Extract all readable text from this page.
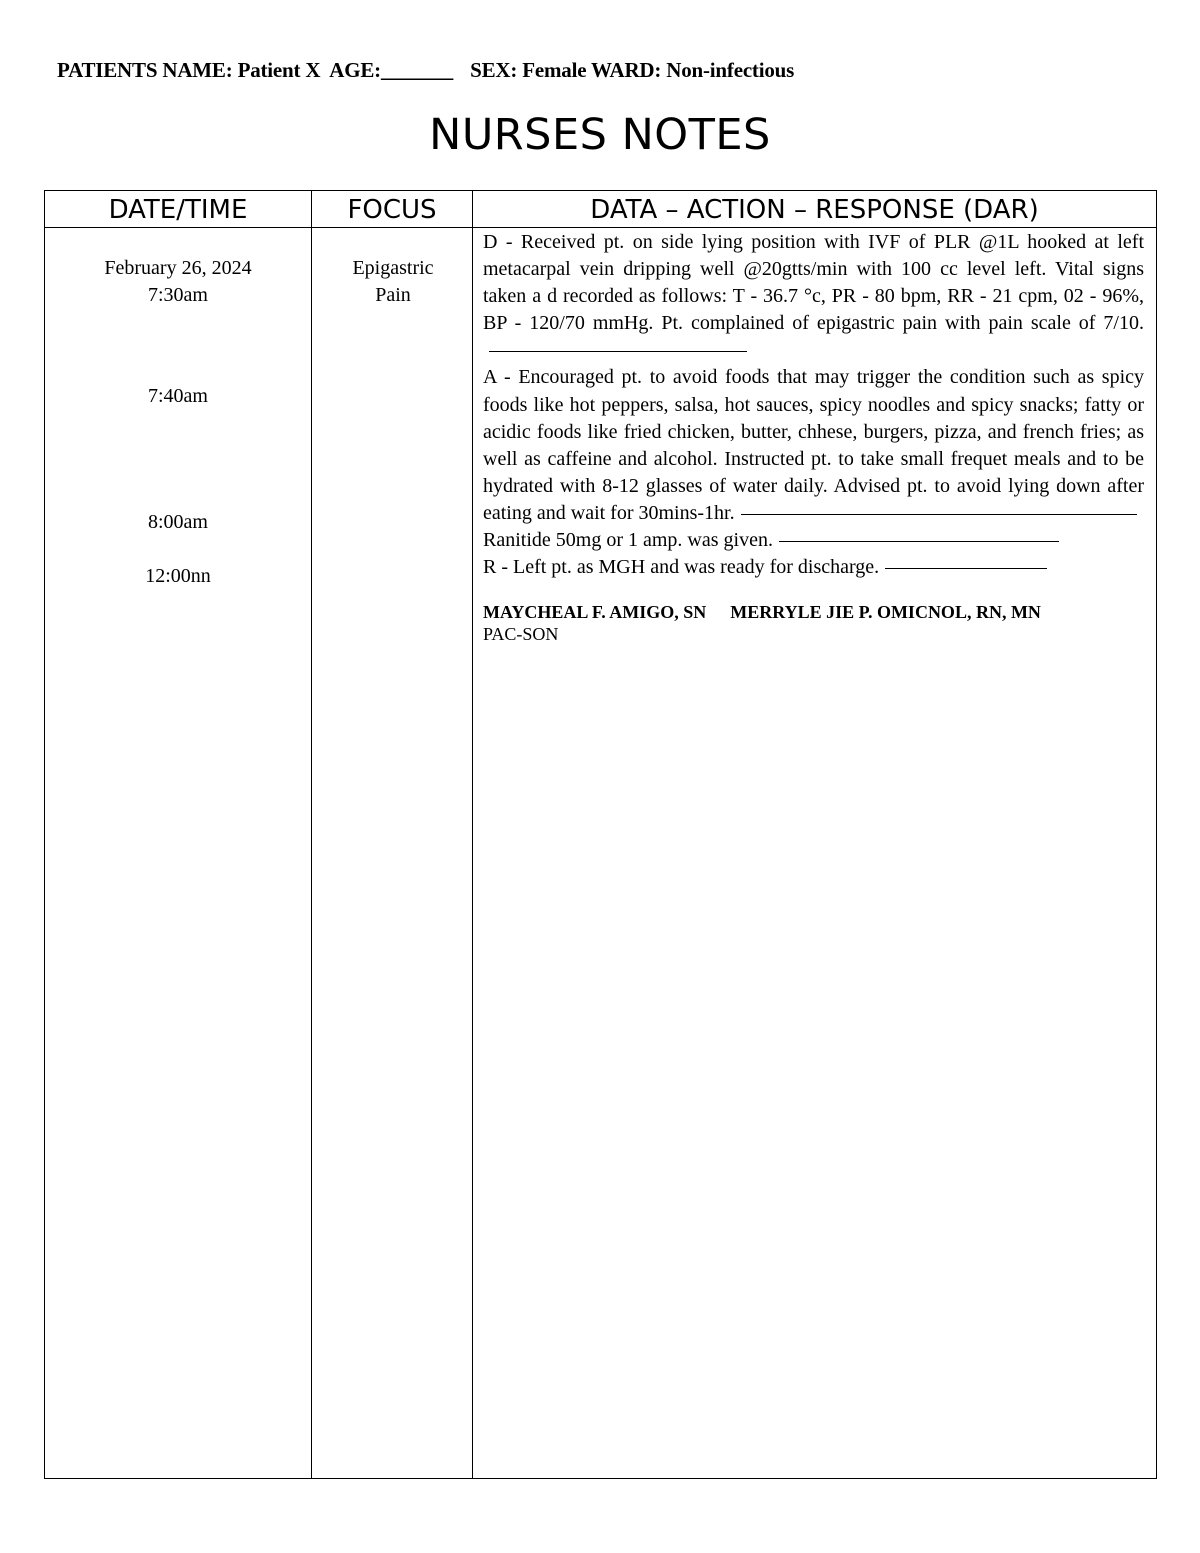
PATIENTS NAME: Patient X AGE:_______ SEX: Female WARD: Non-infectious
NURSES NOTES
DATE/TIME	FOCUS	DATA – ACTION – RESPONSE (DAR)
February 26, 2024
7:30am
7:40am
8:00am
12:00nn
Epigastric
Pain

D - Received pt. on side lying position with IVF of PLR @1L hooked at left metacarpal vein dripping well @20gtts/min with 100 cc level left. Vital signs taken a d recorded as follows: T - 36.7 °c, PR - 80 bpm, RR - 21 cpm, 02 - 96%, BP - 120/70 mmHg. Pt. complained of epigastric pain with pain scale of 7/10.

A - Encouraged pt. to avoid foods that may trigger the condition such as spicy foods like hot peppers, salsa, hot sauces, spicy noodles and spicy snacks; fatty or acidic foods like fried chicken, butter, chhese, burgers, pizza, and french fries; as well as caffeine and alcohol. Instructed pt. to take small frequet meals and to be hydrated with 8-12 glasses of water daily. Advised pt. to avoid lying down after eating and wait for 30mins-1hr.

Ranitide 50mg or 1 amp. was given.

R - Left pt. as MGH and was ready for discharge.

MAYCHEAL F. AMIGO, SN MERRYLE JIE P. OMICNOL, RN, MN

PAC-SON
